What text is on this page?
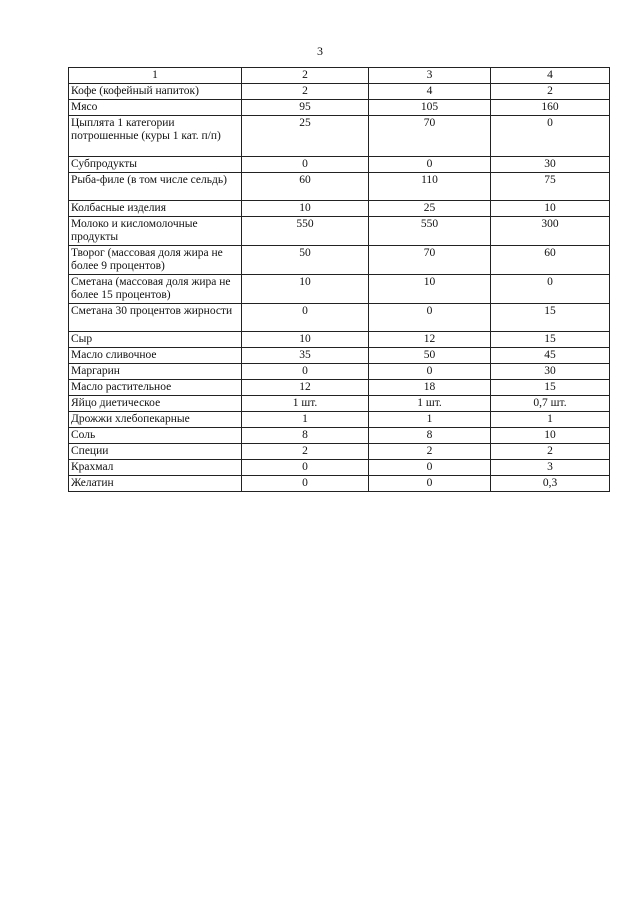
3
1	2	3	4
Кофе (кофейный напиток)	2	4	2
Мясо	95	105	160
Цыплята 1 категории потрошенные (куры 1 кат. п/п)	25	70	0
Субпродукты	0	0	30
Рыба-филе (в том числе сельдь)	60	110	75
Колбасные изделия	10	25	10
Молоко и кисломолочные продукты	550	550	300
Творог (массовая доля жира не более 9 процентов)	50	70	60
Сметана (массовая доля жира не более 15 процентов)	10	10	0
Сметана 30 процентов жирности	0	0	15
Сыр	10	12	15
Масло сливочное	35	50	45
Маргарин	0	0	30
Масло растительное	12	18	15
Яйцо диетическое	1 шт.	1 шт.	0,7 шт.
Дрожжи хлебопекарные	1	1	1
Соль	8	8	10
Специи	2	2	2
Крахмал	0	0	3
Желатин	0	0	0,3
